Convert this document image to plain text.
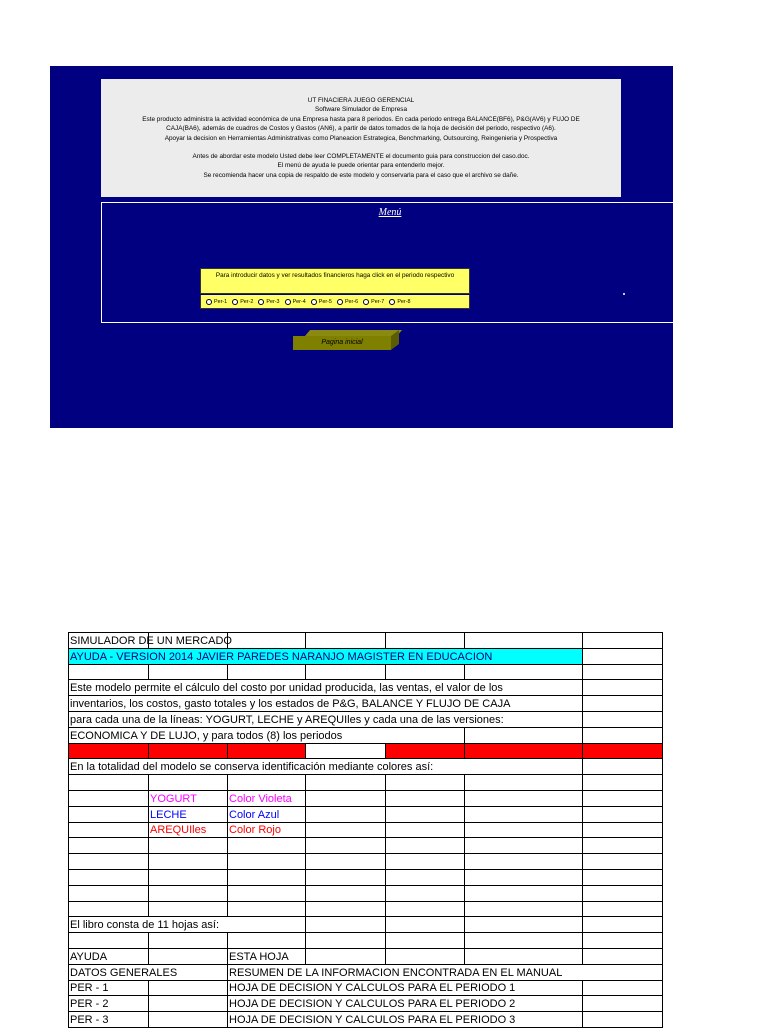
UT FINACIERA JUEGO GERENCIAL
Software Simulador de Empresa
Este producto administra la actividad económica de una Empresa hasta para 8 periodos. En cada periodo entrega BALANCE(BF6), P&G(AV6) y FUJO DE
CAJA(BA6), además de cuadros de Costos y Gastos (AN6), a partir de datos tomados de la hoja de decisión del periodo, respectivo (A6).
Apoyar la decision en Herramientas Administrativas como Planeacion Estrategica, Benchmarking, Outsourcing, Reingenieria y Prospectiva
Antes de abordar este modelo Usted debe leer COMPLETAMENTE el documento guia para construccion del caso.doc.
El menú de ayuda le puede orientar para entenderlo mejor.
Se recomienda hacer una copia de respaldo de este modelo y conservarla para el caso que el archivo se dañe.
Menú
Para introducir datos y ver resultados financieros haga click en el periodo respectivo
Per-1 Per-2 Per-3 Per-4 Per-5 Per-6 Per-7 Per-8
Pagina inicial
SIMULADOR DE UN MERCADO						
AYUDA - VERSION 2014 JAVIER PAREDES NARANJO MAGISTER EN EDUCACION						

Este modelo permite el cálculo del costo por unidad producida, las ventas, el valor de los						
inventarios, los costos, gasto totales y los estados de P&G, BALANCE Y FLUJO DE CAJA						
para cada una de la líneas: YOGURT, LECHE y AREQUIles y cada una de las versiones:						
ECONOMICA Y DE LUJO, y para todos (8) los periodos						

En la totalidad del modelo se conserva identificación mediante colores así:						

	YOGURT	Color Violeta				
	LECHE	Color Azul				
	AREQUIles	Color Rojo				

El libro consta de 11 hojas así:						

AYUDA		ESTA HOJA				
DATOS GENERALES		RESUMEN DE LA INFORMACION ENCONTRADA EN EL MANUAL				
PER - 1		HOJA DE DECISION Y CALCULOS PARA EL PERIODO 1				
PER - 2		HOJA DE DECISION Y CALCULOS PARA EL PERIODO 2				
PER - 3		HOJA DE DECISION Y CALCULOS PARA EL PERIODO 3				
